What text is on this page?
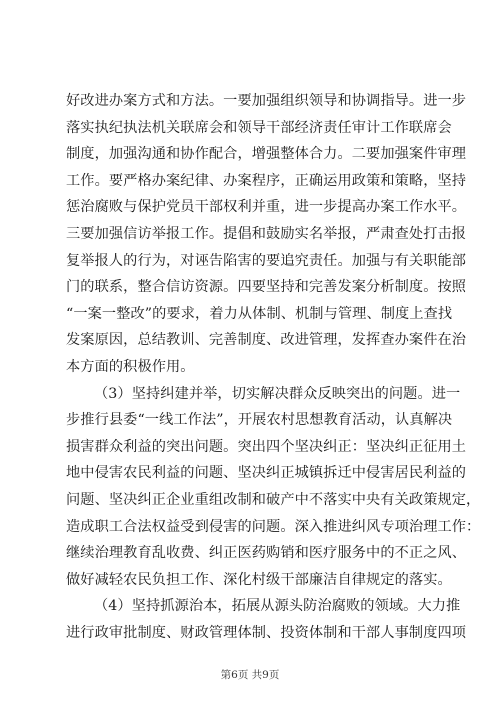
好改进办案方式和方法。一要加强组织领导和协调指导。进一步
落实执纪执法机关联席会和领导干部经济责任审计工作联席会
制度，加强沟通和协作配合，增强整体合力。二要加强案件审理
工作。要严格办案纪律、办案程序，正确运用政策和策略，坚持
惩治腐败与保护党员干部权利并重，进一步提高办案工作水平。
三要加强信访举报工作。提倡和鼓励实名举报，严肃查处打击报
复举报人的行为，对诬告陷害的要追究责任。加强与有关职能部
门的联系，整合信访资源。四要坚持和完善发案分析制度。按照
“一案一整改”的要求，着力从体制、机制与管理、制度上查找
发案原因，总结教训、完善制度、改进管理，发挥查办案件在治
本方面的积极作用。
（3）坚持纠建并举，切实解决群众反映突出的问题。进一
步推行县委“一线工作法”，开展农村思想教育活动，认真解决
损害群众利益的突出问题。突出四个坚决纠正：坚决纠正征用土
地中侵害农民利益的问题、坚决纠正城镇拆迁中侵害居民利益的
问题、坚决纠正企业重组改制和破产中不落实中央有关政策规定，
造成职工合法权益受到侵害的问题。深入推进纠风专项治理工作：
继续治理教育乱收费、纠正医药购销和医疗服务中的不正之风、
做好减轻农民负担工作、深化村级干部廉洁自律规定的落实。
（4）坚持抓源治本，拓展从源头防治腐败的领域。大力推
进行政审批制度、财政管理体制、投资体制和干部人事制度四项
第6页 共9页
